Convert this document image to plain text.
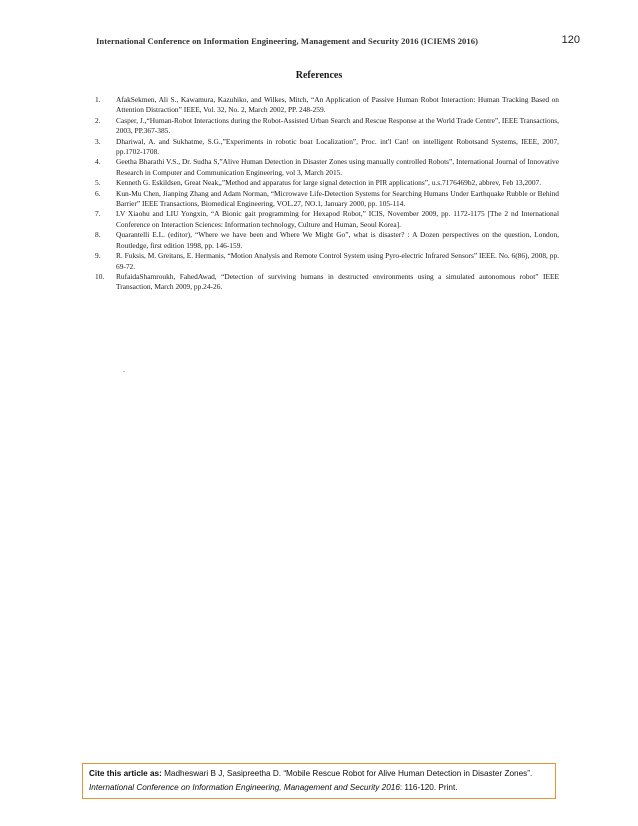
International Conference on Information Engineering, Management and Security 2016 (ICIEMS 2016)	120
References
1. AfakSekmen, Ali S., Kawamura, Kazuhiko, and Wilkes, Mitch, “An Application of Passive Human Robot Interaction: Human Tracking Based on Attention Distraction” IEEE, Vol. 32, No. 2, March 2002, PP. 248-259.
2. Casper, J.,“Human-Robot Interactions during the Robot-Assisted Urban Search and Rescue Response at the World Trade Centre”, IEEE Transactions, 2003, PP.367-385.
3. Dhariwal, A. and Sukhatme, S.G.,”Experiments in robotic boat Localization”, Proc. int'l Can! on intelligent Robotsand Systems, IEEE, 2007, pp.1702-1708.
4. Geetha Bharathi V.S., Dr. Sudha S,”Alive Human Detection in Disaster Zones using manually controlled Robots”, International Journal of Innovative Research in Computer and Communication Engineering, vol 3, March 2015.
5. Kenneth G. Eskildsen, Great Neak,,”Method and apparatus for large signal detection in PIR applications”, u.s.7176469b2, abbrev, Feb 13,2007.
6. Kun-Mu Chen, Jianping Zhang and Adam Norman, “Microwave Life-Detection Systems for Searching Humans Under Earthquake Rubble or Behind Barrier” IEEE Transactions, Biomedical Engineering, VOL.27, NO.1, January 2000, pp. 105-114.
7. LV Xiaohu and LIU Yongxin, “A Bionic gait programming for Hexapod Robot,” ICIS, November 2009, pp. 1172-1175 [The 2 nd International Conference on Interaction Sciences: Information technology, Culture and Human, Seoul Korea].
8. Quarantelli E.L. (editor), “Where we have been and Where We Might Go”, what is disaster? : A Dozen perspectives on the question, London, Routledge, first edition 1998, pp. 146-159.
9. R. Fuksis, M. Greitans, E. Hermanis, “Motion Analysis and Remote Control System using Pyro-electric Infrared Sensors” IEEE. No. 6(86), 2008, pp. 69-72.
10. RufaidaShamroukh, FahedAwad, “Detection of surviving humans in destructed environments using a simulated autonomous robot” IEEE Transaction, March 2009, pp.24-26.
.
Cite this article as: Madheswari B J, Sasipreetha D. “Mobile Rescue Robot for Alive Human Detection in Disaster Zones”. International Conference on Information Engineering, Management and Security 2016: 116-120. Print.
